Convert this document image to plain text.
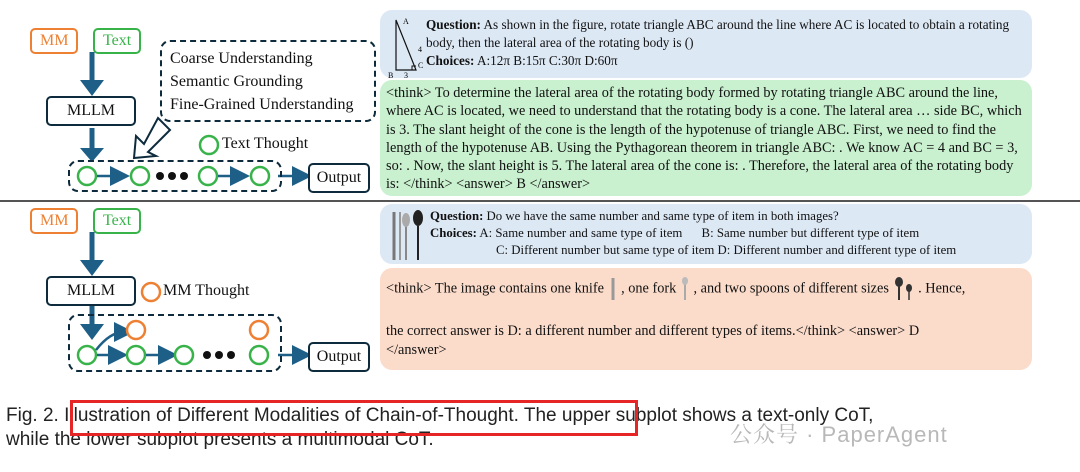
MM	Text
MLLM
Coarse Understanding
Semantic Grounding
Fine-Grained Understanding
Text Thought
Output
A
B
C
4
3
Question: As shown in the figure, rotate triangle ABC around the line where AC is located to obtain a rotating body, then the lateral area of the rotating body is ()
Choices: A:12π B:15π C:30π D:60π
<think> To determine the lateral area of the rotating body formed by rotating triangle ABC around the line, where AC is located, we need to understand that the rotating body is a cone. The lateral area … side BC, which is 3. The slant height of the cone is the length of the hypotenuse of triangle ABC. First, we need to find the length of the hypotenuse AB. Using the Pythagorean theorem in triangle ABC: . We know AC = 4 and BC = 3, so: . Now, the slant height is 5. The lateral area of the cone is: . Therefore, the lateral area of the rotating body is: </think> <answer> B </answer>
MM	Text
MLLM	MM Thought
Output
Question: Do we have the same number and same type of item in both images?
Choices: A: Same number and same type of item      B: Same number but different type of item
C: Different number but same type of item D: Different number and different type of item
<think> The image contains one knife , one fork , and two spoons of different sizes . Hence,
the correct answer is D: a different number and different types of items.</think> <answer> D
</answer>
Fig. 2. Illustration of Different Modalities of Chain-of-Thought. The upper subplot shows a text-only CoT,
while the lower subplot presents a multimodal CoT.	公众号 · PaperAgent
